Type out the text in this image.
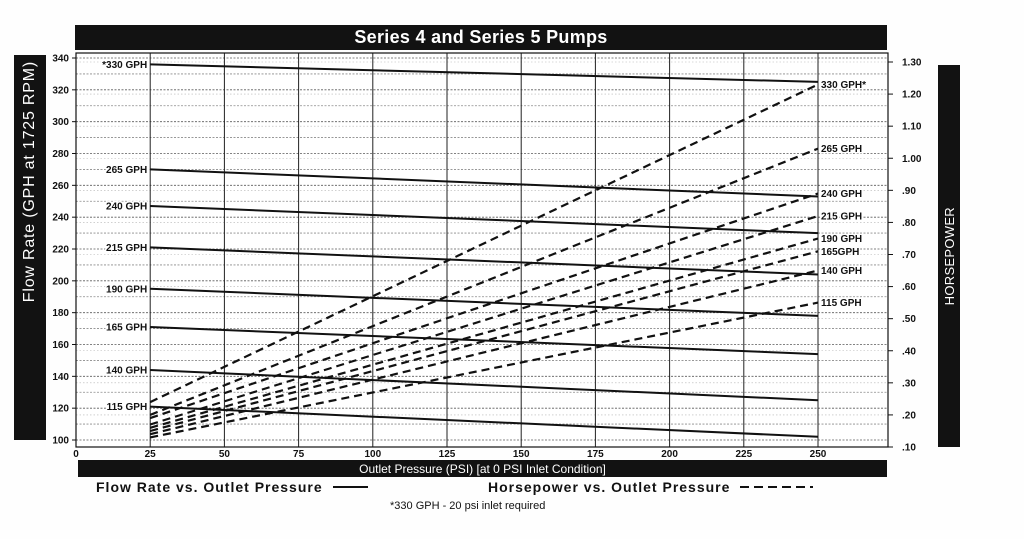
340
320
300
280
260
240
220
200
180
160
140
120
100
1.30
1.20
1.10
1.00
.90
.80
.70
.60
.50
.40
.30
.20
.10
0	25	50	75	100	125	150	175	200	225	250
*330 GPH
265 GPH
240 GPH
215 GPH
190 GPH
165 GPH
140 GPH
115 GPH
330 GPH*
265 GPH
240 GPH
215 GPH
190 GPH
165GPH
140 GPH
115 GPH
Series 4 and Series 5 Pumps
Flow Rate (GPH at 1725 RPM)	HORSEPOWER
Outlet Pressure (PSI) [at 0 PSI Inlet Condition]
Flow Rate vs. Outlet Pressure	Horsepower vs. Outlet Pressure
*330 GPH - 20 psi inlet required
